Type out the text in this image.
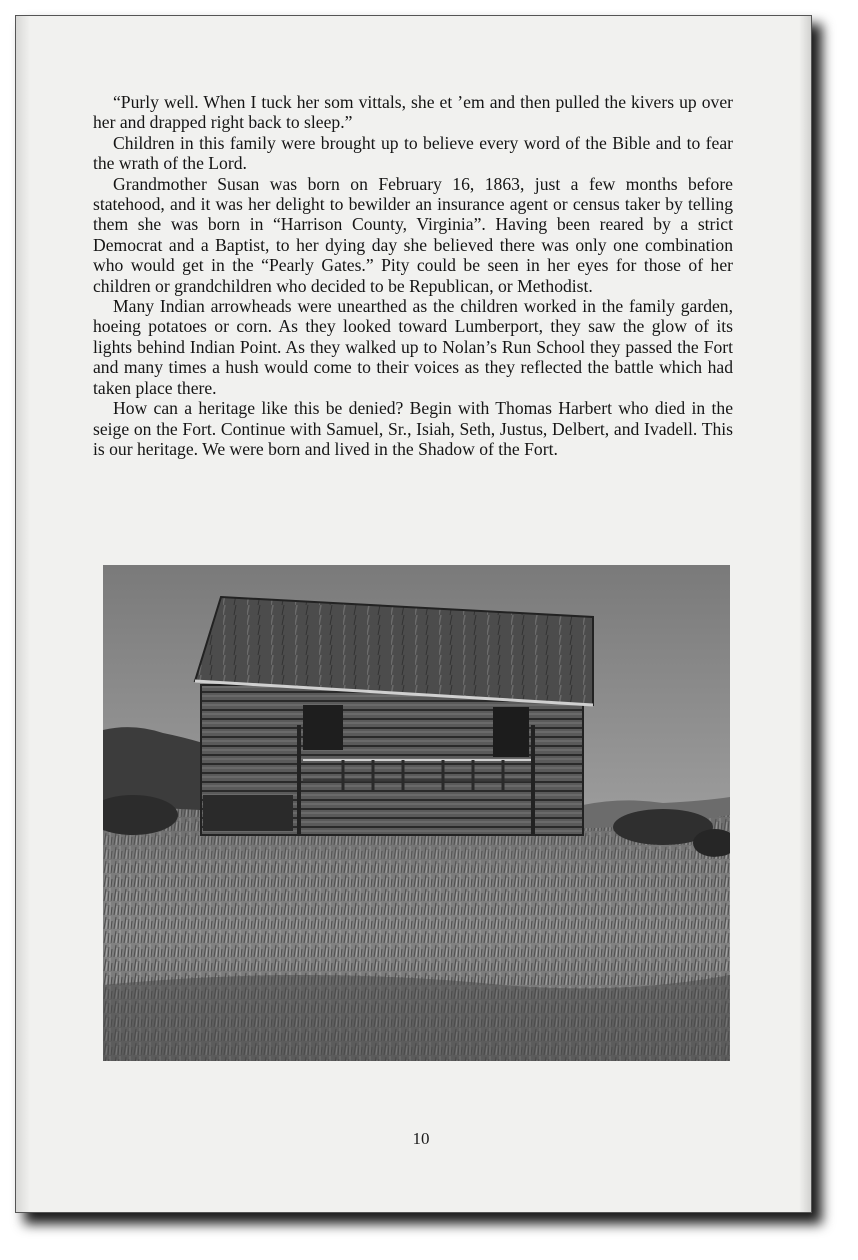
“Purly well. When I tuck her som vittals, she et ’em and then pulled the kivers up over her and drapped right back to sleep.”

Children in this family were brought up to believe every word of the Bible and to fear the wrath of the Lord.

Grandmother Susan was born on February 16, 1863, just a few months before statehood, and it was her delight to bewilder an insurance agent or census taker by telling them she was born in “Harrison County, Virginia”. Having been reared by a strict Democrat and a Baptist, to her dying day she believed there was only one combination who would get in the “Pearly Gates.” Pity could be seen in her eyes for those of her children or grandchildren who decided to be Republican, or Methodist.

Many Indian arrowheads were unearthed as the children worked in the family garden, hoeing potatoes or corn. As they looked toward Lumberport, they saw the glow of its lights behind Indian Point. As they walked up to Nolan’s Run School they passed the Fort and many times a hush would come to their voices as they reflected the battle which had taken place there.

How can a heritage like this be denied? Begin with Thomas Harbert who died in the seige on the Fort. Continue with Samuel, Sr., Isiah, Seth, Justus, Delbert, and Ivadell. This is our heritage. We were born and lived in the Shadow of the Fort.

10
